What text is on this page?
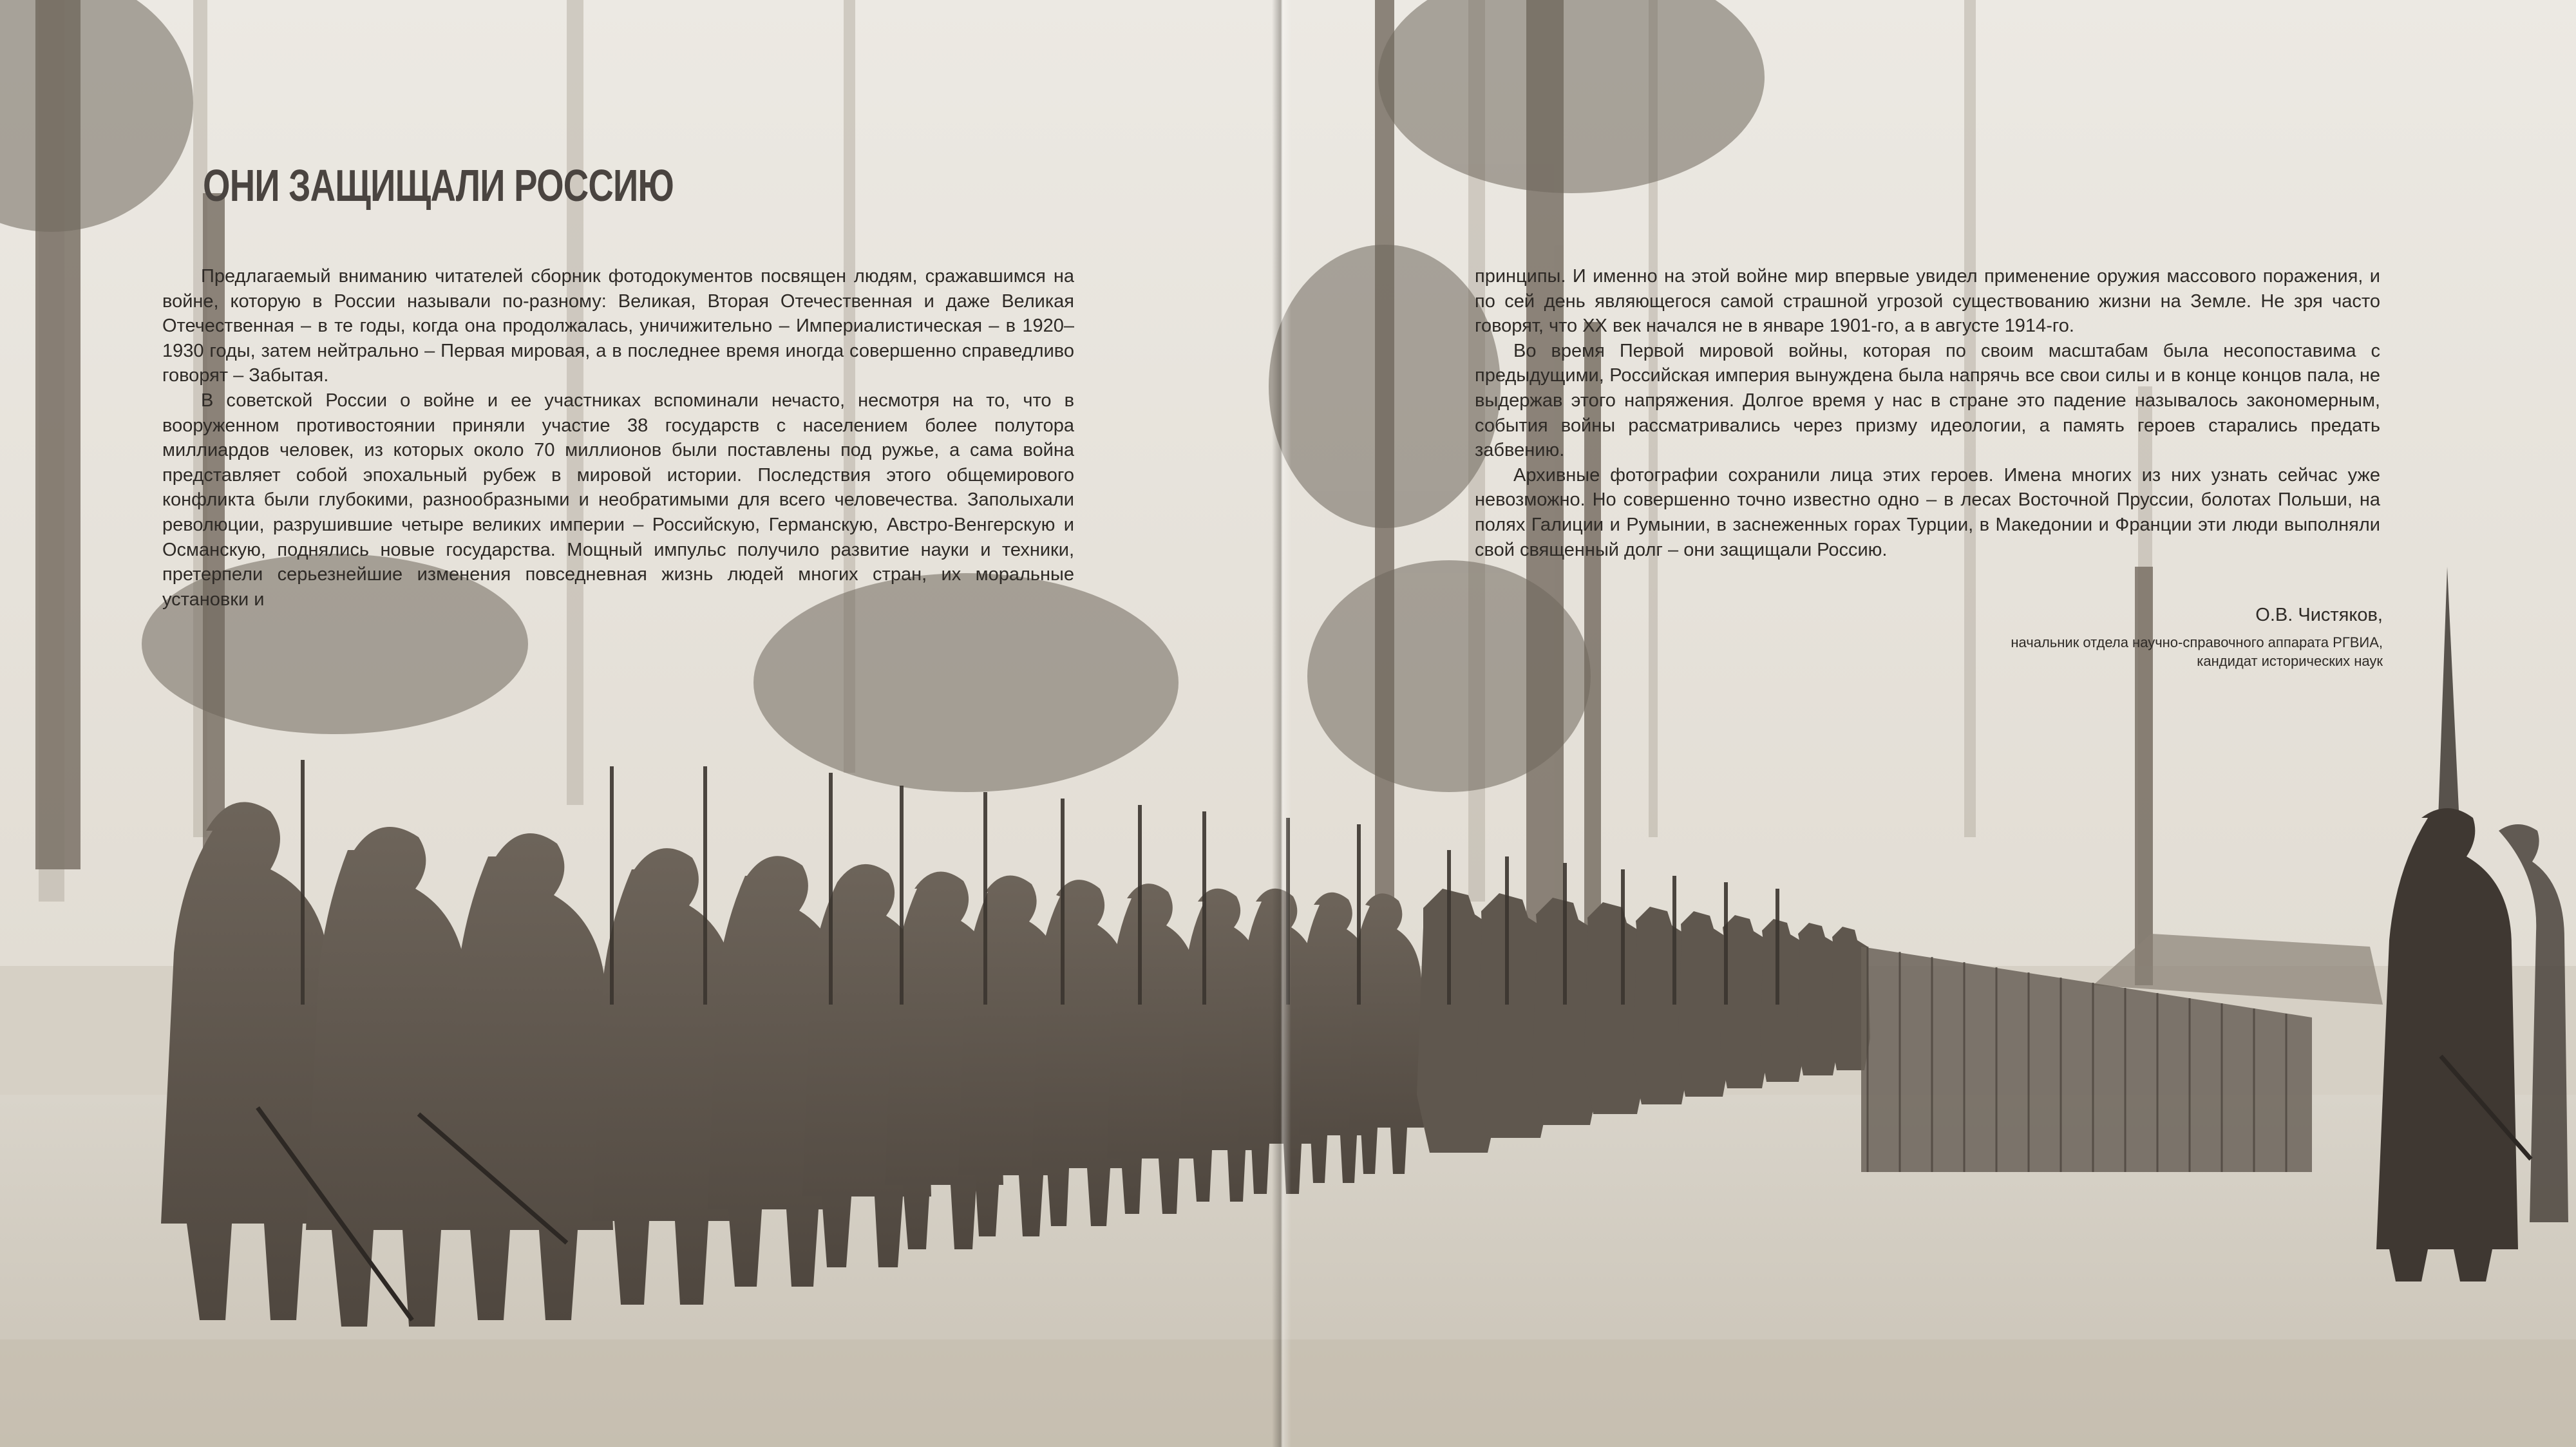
ОНИ ЗАЩИЩАЛИ РОССИЮ

Предлагаемый вниманию читателей сборник фотодокументов посвящен людям, сражавшимся на войне, которую в России называли по-разному: Великая, Вторая Отечественная и даже Великая Отечественная – в те годы, когда она продолжалась, уничижительно – Империалистическая – в 1920–1930 годы, затем нейтрально – Первая мировая, а в последнее время иногда совершенно справедливо говорят – Забытая.

В советской России о войне и ее участниках вспоминали нечасто, несмотря на то, что в вооруженном противостоянии приняли участие 38 государств с населением более полутора миллиардов человек, из которых около 70 миллионов были поставлены под ружье, а сама война представляет собой эпохальный рубеж в мировой истории. Последствия этого общемирового конфликта были глубокими, разнообразными и необратимыми для всего человечества. Заполыхали революции, разрушившие четыре великих империи – Российскую, Германскую, Австро-Венгерскую и Османскую, поднялись новые государства. Мощный импульс получило развитие науки и техники, претерпели серьезнейшие изменения повседневная жизнь людей многих стран, их моральные установки и

принципы. И именно на этой войне мир впервые увидел применение оружия массового поражения, и по сей день являющегося самой страшной угрозой существованию жизни на Земле. Не зря часто говорят, что XX век начался не в январе 1901-го, а в августе 1914-го.

Во время Первой мировой войны, которая по своим масштабам была несопоставима с предыдущими, Российская империя вынуждена была напрячь все свои силы и в конце концов пала, не выдержав этого напряжения. Долгое время у нас в стране это падение называлось закономерным, события войны рассматривались через призму идеологии, а память героев старались предать забвению.

Архивные фотографии сохранили лица этих героев. Имена многих из них узнать сейчас уже невозможно. Но совершенно точно известно одно – в лесах Восточной Пруссии, болотах Польши, на полях Галиции и Румынии, в заснеженных горах Турции, в Македонии и Франции эти люди выполняли свой священный долг – они защищали Россию.

О.В. Чистяков,
начальник отдела научно-справочного аппарата РГВИА,
кандидат исторических наук
